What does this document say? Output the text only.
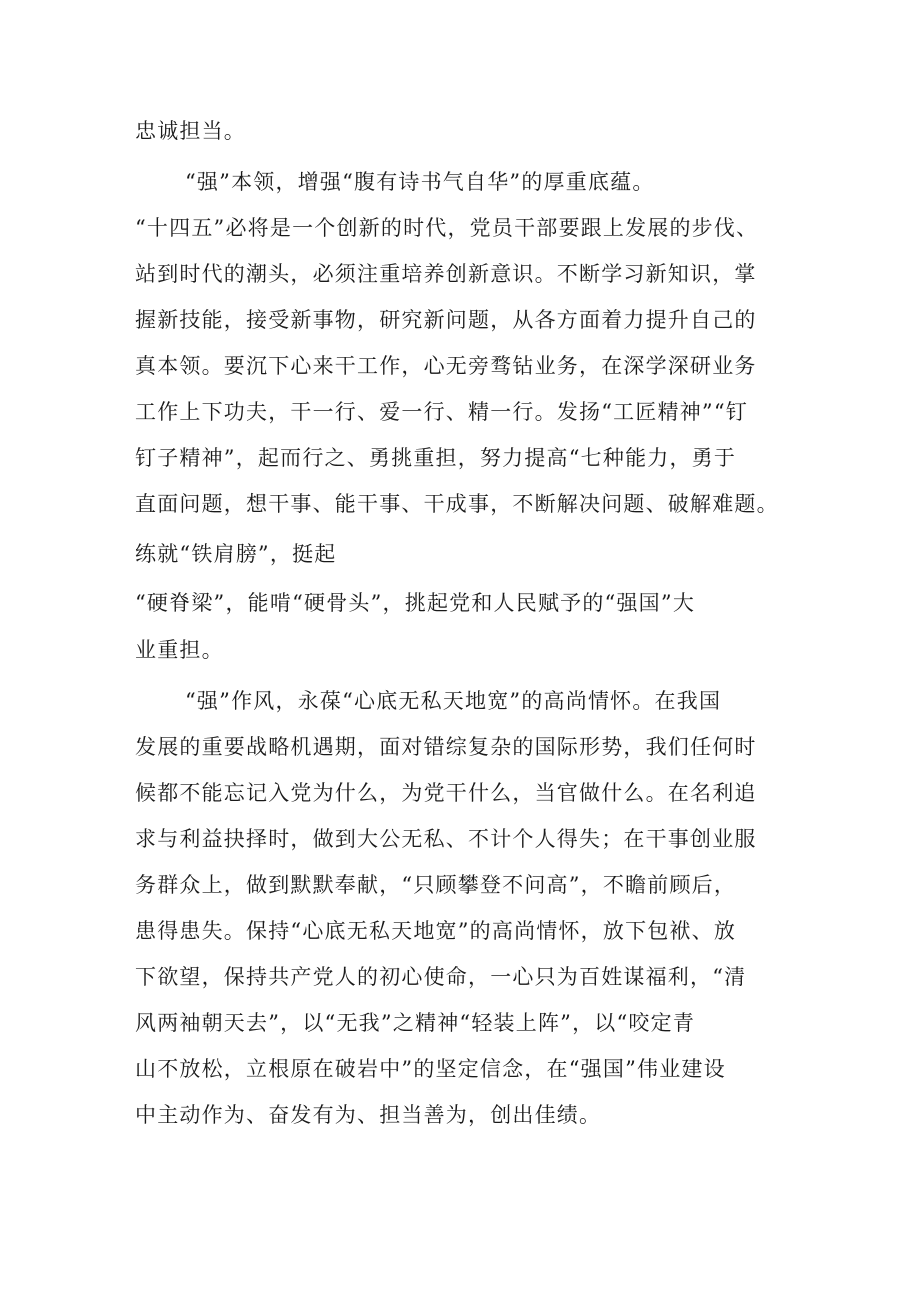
忠诚担当。
“强”本领，增强“腹有诗书气自华”的厚重底蕴。
“十四五”必将是一个创新的时代，党员干部要跟上发展的步伐、
站到时代的潮头，必须注重培养创新意识。不断学习新知识，掌
握新技能，接受新事物，研究新问题，从各方面着力提升自己的
真本领。要沉下心来干工作，心无旁骛钻业务，在深学深研业务
工作上下功夫，干一行、爱一行、精一行。发扬“工匠精神”“钉
钉子精神”，起而行之、勇挑重担，努力提高“七种能力，勇于
直面问题，想干事、能干事、干成事，不断解决问题、破解难题。
练就“铁肩膀”，挺起
“硬脊梁”，能啃“硬骨头”，挑起党和人民赋予的“强国”大
业重担。
“强”作风，永葆“心底无私天地宽”的高尚情怀。在我国
发展的重要战略机遇期，面对错综复杂的国际形势，我们任何时
候都不能忘记入党为什么，为党干什么，当官做什么。在名利追
求与利益抉择时，做到大公无私、不计个人得失；在干事创业服
务群众上，做到默默奉献，“只顾攀登不问高”，不瞻前顾后，
患得患失。保持“心底无私天地宽”的高尚情怀，放下包袱、放
下欲望，保持共产党人的初心使命，一心只为百姓谋福利，“清
风两袖朝天去”，以“无我”之精神“轻装上阵”，以“咬定青
山不放松，立根原在破岩中”的坚定信念，在“强国”伟业建设
中主动作为、奋发有为、担当善为，创出佳绩。
